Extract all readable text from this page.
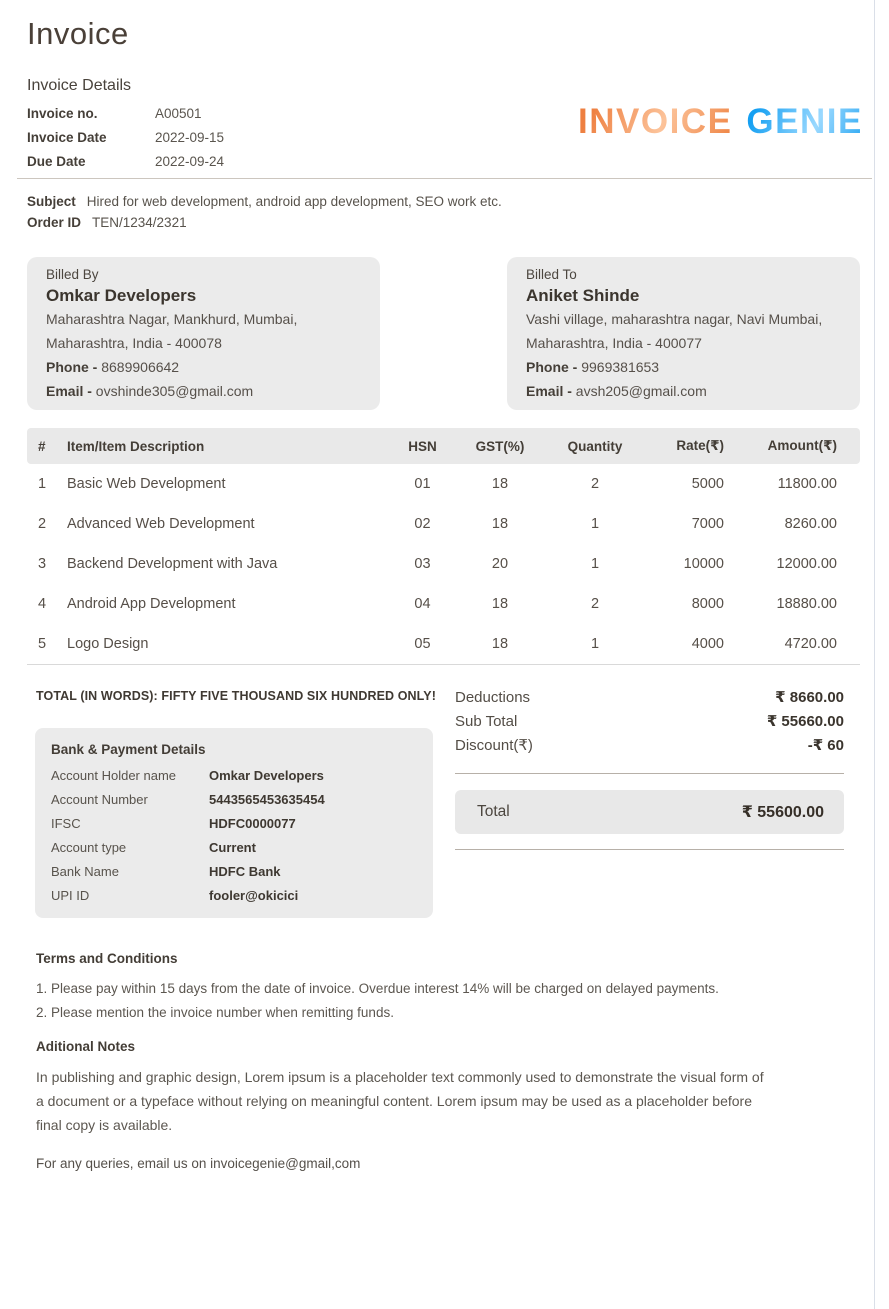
Invoice
Invoice Details
Invoice no.	A00501
Invoice Date	2022-09-15
Due Date	2022-09-24
INVOICE GENIE
Subject Hired for web development, android app development, SEO work etc.
Order ID TEN/1234/2321
Billed By
Omkar Developers
Maharashtra Nagar, Mankhurd, Mumbai,
Maharashtra, India - 400078
Phone - 8689906642
Email - ovshinde305@gmail.com
Billed To
Aniket Shinde
Vashi village, maharashtra nagar, Navi Mumbai,
Maharashtra, India - 400077
Phone - 9969381653
Email - avsh205@gmail.com
#	Item/Item Description	HSN	GST(%)	Quantity	Rate(₹)	Amount(₹)
1	Basic Web Development	01	18	2	5000	11800.00
2	Advanced Web Development	02	18	1	7000	8260.00
3	Backend Development with Java	03	20	1	10000	12000.00
4	Android App Development	04	18	2	8000	18880.00
5	Logo Design	05	18	1	4000	4720.00
TOTAL (IN WORDS): FIFTY FIVE THOUSAND SIX HUNDRED ONLY!
Bank & Payment Details
Account Holder name	Omkar Developers
Account Number	5443565453635454
IFSC	HDFC0000077
Account type	Current
Bank Name	HDFC Bank
UPI ID	fooler@okicici
Deductions	₹ 8660.00
Sub Total	₹ 55660.00
Discount(₹)	-₹ 60
Total	₹ 55600.00
Terms and Conditions
1. Please pay within 15 days from the date of invoice. Overdue interest 14% will be charged on delayed payments.
2. Please mention the invoice number when remitting funds.
Aditional Notes
In publishing and graphic design, Lorem ipsum is a placeholder text commonly used to demonstrate the visual form of a document or a typeface without relying on meaningful content. Lorem ipsum may be used as a placeholder before final copy is available.
For any queries, email us on invoicegenie@gmail,com
